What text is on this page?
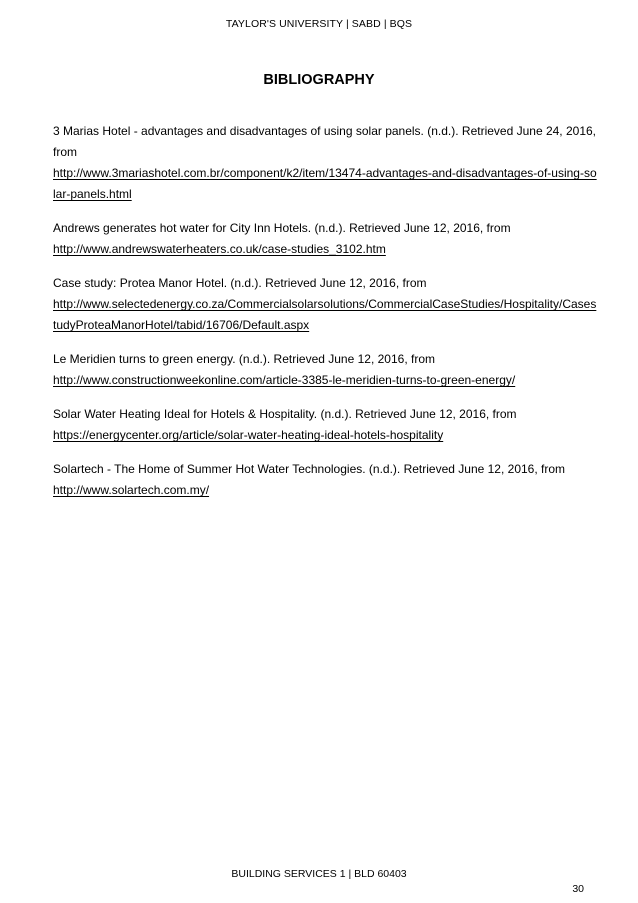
TAYLOR'S UNIVERSITY | SABD | BQS
BIBLIOGRAPHY
3 Marias Hotel - advantages and disadvantages of using solar panels. (n.d.). Retrieved June 24, 2016, from
http://www.3mariashotel.com.br/component/k2/item/13474-advantages-and-disadvantages-of-using-solar-panels.html
Andrews generates hot water for City Inn Hotels. (n.d.). Retrieved June 12, 2016, from
http://www.andrewswaterheaters.co.uk/case-studies_3102.htm
Case study: Protea Manor Hotel. (n.d.). Retrieved June 12, 2016, from
http://www.selectedenergy.co.za/Commercialsolarsolutions/CommercialCaseStudies/Hospitality/CasestudyProteaManorHotel/tabid/16706/Default.aspx
Le Meridien turns to green energy. (n.d.). Retrieved June 12, 2016, from
http://www.constructionweekonline.com/article-3385-le-meridien-turns-to-green-energy/
Solar Water Heating Ideal for Hotels & Hospitality. (n.d.). Retrieved June 12, 2016, from
https://energycenter.org/article/solar-water-heating-ideal-hotels-hospitality
Solartech - The Home of Summer Hot Water Technologies. (n.d.). Retrieved June 12, 2016, from
http://www.solartech.com.my/
BUILDING SERVICES 1 | BLD 60403
30
